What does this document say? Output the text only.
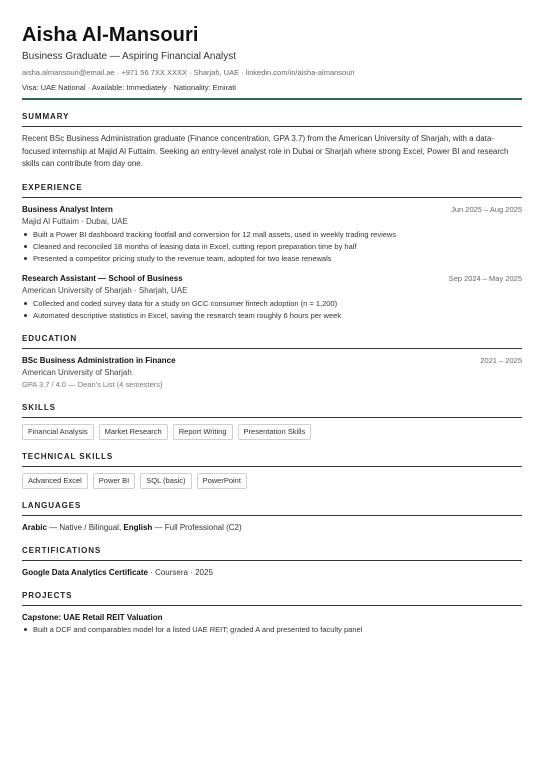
Aisha Al-Mansouri
Business Graduate — Aspiring Financial Analyst
aisha.almansouri@email.ae · +971 56 7XX XXXX · Sharjah, UAE · linkedin.com/in/aisha-almansouri
Visa: UAE National · Available: Immediately · Nationality: Emirati
SUMMARY
Recent BSc Business Administration graduate (Finance concentration, GPA 3.7) from the American University of Sharjah, with a data-focused internship at Majid Al Futtaim. Seeking an entry-level analyst role in Dubai or Sharjah where strong Excel, Power BI and research skills can contribute from day one.
EXPERIENCE
Business Analyst Intern	Jun 2025 – Aug 2025
Majid Al Futtaim · Dubai, UAE
Built a Power BI dashboard tracking footfall and conversion for 12 mall assets, used in weekly trading reviews
Cleaned and reconciled 18 months of leasing data in Excel, cutting report preparation time by half
Presented a competitor pricing study to the revenue team, adopted for two lease renewals
Research Assistant — School of Business	Sep 2024 – May 2025
American University of Sharjah · Sharjah, UAE
Collected and coded survey data for a study on GCC consumer fintech adoption (n = 1,200)
Automated descriptive statistics in Excel, saving the research team roughly 6 hours per week
EDUCATION
BSc Business Administration in Finance	2021 – 2025
American University of Sharjah
GPA 3.7 / 4.0 — Dean's List (4 semesters)
SKILLS
Financial Analysis	Market Research	Report Writing	Presentation Skills
TECHNICAL SKILLS
Advanced Excel	Power BI	SQL (basic)	PowerPoint
LANGUAGES
Arabic — Native / Bilingual, English — Full Professional (C2)
CERTIFICATIONS
Google Data Analytics Certificate · Coursera · 2025
PROJECTS
Capstone: UAE Retail REIT Valuation
Built a DCF and comparables model for a listed UAE REIT; graded A and presented to faculty panel
